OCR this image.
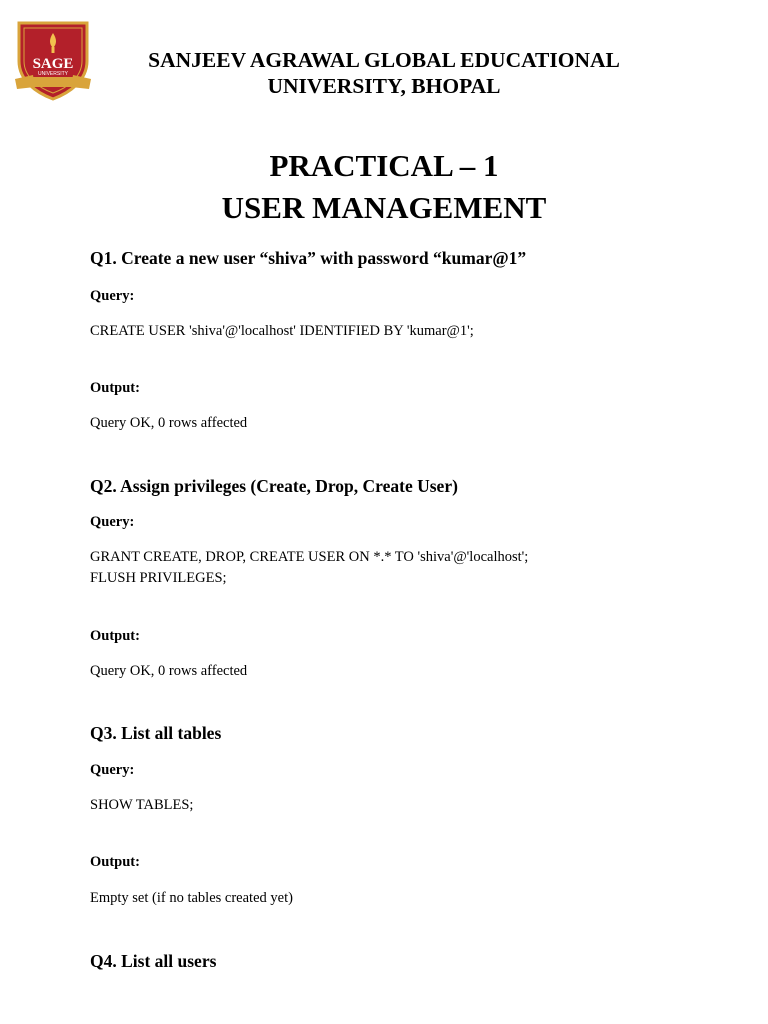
SAGE
UNIVERSITY
SANJEEV AGRAWAL GLOBAL EDUCATIONAL
UNIVERSITY, BHOPAL
PRACTICAL – 1
USER MANAGEMENT
Q1. Create a new user “shiva” with password “kumar@1”
Query:
CREATE USER 'shiva'@'localhost' IDENTIFIED BY 'kumar@1';
Output:
Query OK, 0 rows affected
Q2. Assign privileges (Create, Drop, Create User)
Query:
GRANT CREATE, DROP, CREATE USER ON *.* TO 'shiva'@'localhost';
FLUSH PRIVILEGES;
Output:
Query OK, 0 rows affected
Q3. List all tables
Query:
SHOW TABLES;
Output:
Empty set (if no tables created yet)
Q4. List all users
